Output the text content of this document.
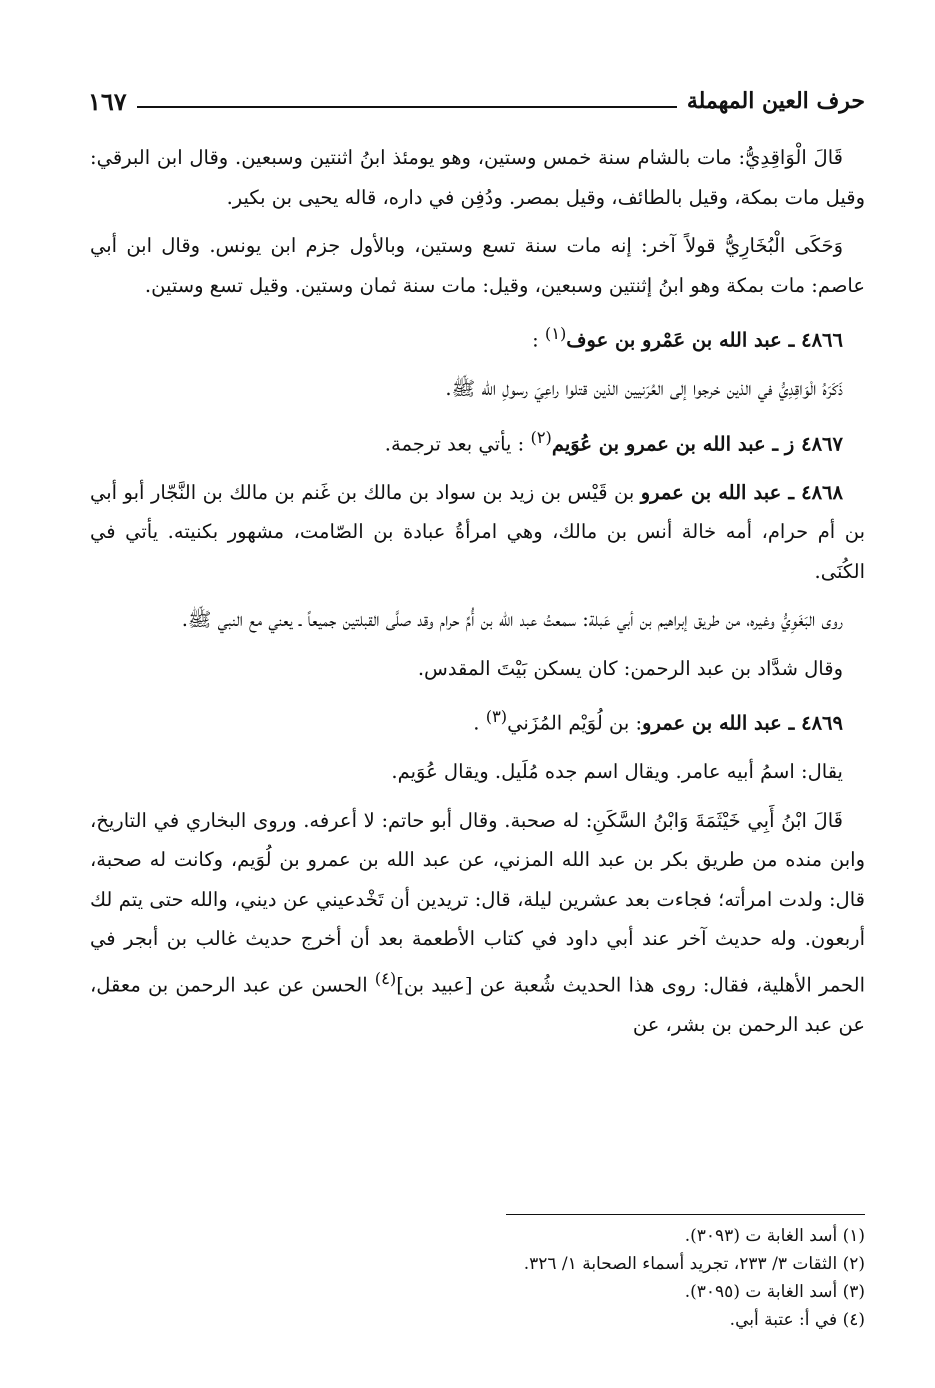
حرف العين المهملة
١٦٧

قَالَ الْوَاقِدِيُّ: مات بالشام سنة خمس وستين، وهو يومئذ ابنُ اثنتين وسبعين. وقال ابن البرقي: وقيل مات بمكة، وقيل بالطائف، وقيل بمصر. ودُفِن في داره، قاله يحيى بن بكير.

وَحَكَى الْبُخَارِيُّ قولاً آخر: إنه مات سنة تسع وستين، وبالأول جزم ابن يونس. وقال ابن أبي عاصم: مات بمكة وهو ابنُ إثنتين وسبعين، وقيل: مات سنة ثمان وستين. وقيل تسع وستين.

٤٨٦٦ ـ عبد الله بن عَمْرو بن عوف$^{(١)}$ :

ذَكَرَهُ الْوَاقِدِيُّ في الذين خرجوا إلى العُرَنيين الذين قتلوا راعِيَ رسولِ الله ﷺ.

٤٨٦٧ ز ـ عبد الله بن عمرو بن عُوَيم$^{(٢)}$ : يأتي بعد ترجمة.

٤٨٦٨ ـ عبد الله بن عمرو بن قَيْس بن زيد بن سواد بن مالك بن غَنم بن مالك بن النَّجّار أبو أبي بن أم حرام، أمه خالة أنس بن مالك، وهي امرأةُ عبادة بن الصّامت، مشهور بكنيته. يأتي في الكُنَى.

روى البَغَوِيُّ وغيره، من طريق إبراهيم بن أبي عَبلة: سمعتُ عبد الله بن أُمِّ حرام وقد صلَّى القبلتين جميعاً ـ يعني مع النبي ﷺ.

وقال شدَّاد بن عبد الرحمن: كان يسكن بَيْتَ المقدس.

٤٨٦٩ ـ عبد الله بن عمرو: بن لُوَيْم المُزَني$^{(٣)}$ .

يقال: اسمُ أبيه عامر. ويقال اسم جده مُلَيل. ويقال عُوَيم.

قَالَ ابْنُ أَبِي خَيْثَمَةَ وَابْنُ السَّكَنِ: له صحبة. وقال أبو حاتم: لا أعرفه. وروى البخاري في التاريخ، وابن منده من طريق بكر بن عبد الله المزني، عن عبد الله بن عمرو بن لُوَيم، وكانت له صحبة، قال: ولدت امرأته؛ فجاءت بعد عشرين ليلة، قال: تريدين أن تَخْدعيني عن ديني، والله حتى يتم لك أربعون. وله حديث آخر عند أبي داود في كتاب الأطعمة بعد أن أخرج حديث غالب بن أبجر في الحمر الأهلية، فقال: روى هذا الحديث شُعبة عن [عبيد بن]$^{(٤)}$ الحسن عن عبد الرحمن بن معقل، عن عبد الرحمن بن بشر، عن

(١) أسد الغابة ت (٣٠٩٣).
(٢) الثقات ٣/ ٢٣٣، تجريد أسماء الصحابة ١/ ٣٢٦.
(٣) أسد الغابة ت (٣٠٩٥).
(٤) في أ: عتبة أبي.
